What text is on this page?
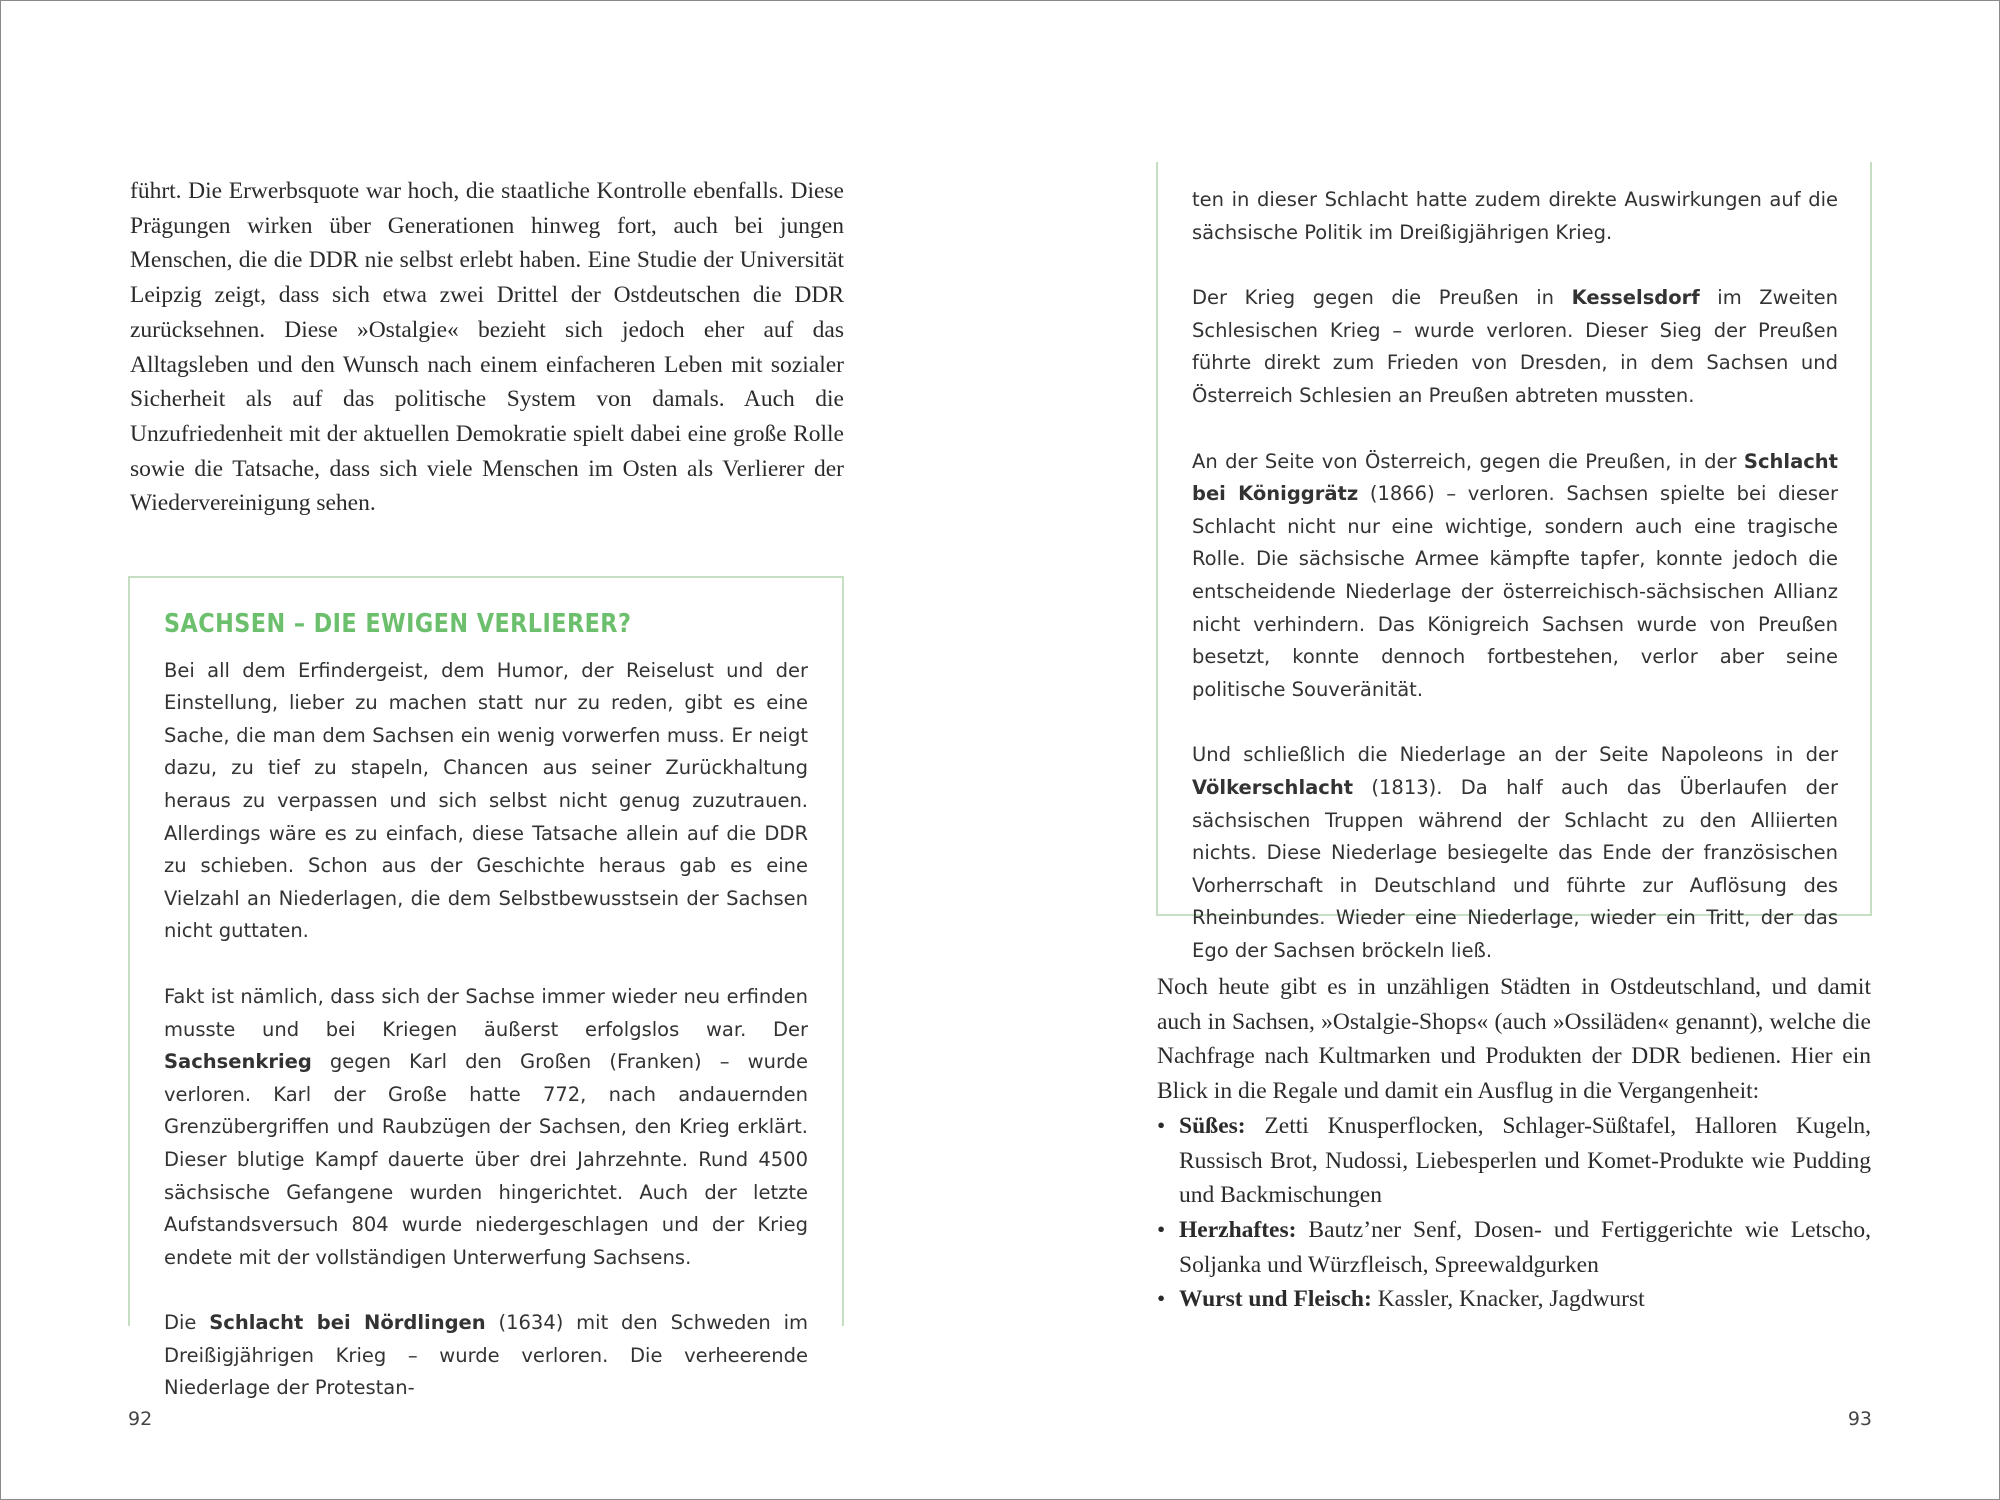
führt. Die Erwerbsquote war hoch, die staatliche Kontrolle ebenfalls. Diese Prägungen wirken über Generationen hinweg fort, auch bei jungen Menschen, die die DDR nie selbst erlebt haben. Eine Studie der Universität Leipzig zeigt, dass sich etwa zwei Drittel der Ostdeutschen die DDR zurücksehnen. Diese »Ostalgie« bezieht sich jedoch eher auf das Alltagsleben und den Wunsch nach einem einfacheren Leben mit sozialer Sicherheit als auf das politische System von damals. Auch die Unzufriedenheit mit der aktuellen Demokratie spielt dabei eine große Rolle sowie die Tatsache, dass sich viele Menschen im Osten als Verlierer der Wiedervereinigung sehen.

SACHSEN – DIE EWIGEN VERLIERER?

Bei all dem Erfindergeist, dem Humor, der Reiselust und der Einstellung, lieber zu machen statt nur zu reden, gibt es eine Sache, die man dem Sachsen ein wenig vorwerfen muss. Er neigt dazu, zu tief zu stapeln, Chancen aus seiner Zurückhaltung heraus zu verpassen und sich selbst nicht genug zuzutrauen. Allerdings wäre es zu einfach, diese Tatsache allein auf die DDR zu schieben. Schon aus der Geschichte heraus gab es eine Vielzahl an Niederlagen, die dem Selbstbewusstsein der Sachsen nicht guttaten.

Fakt ist nämlich, dass sich der Sachse immer wieder neu erfinden musste und bei Kriegen äußerst erfolgslos war. Der Sachsenkrieg gegen Karl den Großen (Franken) – wurde verloren. Karl der Große hatte 772, nach andauernden Grenzübergriffen und Raubzügen der Sachsen, den Krieg erklärt. Dieser blutige Kampf dauerte über drei Jahrzehnte. Rund 4500 sächsische Gefangene wurden hingerichtet. Auch der letzte Aufstandsversuch 804 wurde niedergeschlagen und der Krieg endete mit der vollständigen Unterwerfung Sachsens.

Die Schlacht bei Nördlingen (1634) mit den Schweden im Dreißigjährigen Krieg – wurde verloren. Die verheerende Niederlage der Protestan-

92

ten in dieser Schlacht hatte zudem direkte Auswirkungen auf die sächsische Politik im Dreißigjährigen Krieg.

Der Krieg gegen die Preußen in Kesselsdorf im Zweiten Schlesischen Krieg – wurde verloren. Dieser Sieg der Preußen führte direkt zum Frieden von Dresden, in dem Sachsen und Österreich Schlesien an Preußen abtreten mussten.

An der Seite von Österreich, gegen die Preußen, in der Schlacht bei Königgrätz (1866) – verloren. Sachsen spielte bei dieser Schlacht nicht nur eine wichtige, sondern auch eine tragische Rolle. Die sächsische Armee kämpfte tapfer, konnte jedoch die entscheidende Niederlage der österreichisch-sächsischen Allianz nicht verhindern. Das Königreich Sachsen wurde von Preußen besetzt, konnte dennoch fortbestehen, verlor aber seine politische Souveränität.

Und schließlich die Niederlage an der Seite Napoleons in der Völkerschlacht (1813). Da half auch das Überlaufen der sächsischen Truppen während der Schlacht zu den Alliierten nichts. Diese Niederlage besiegelte das Ende der französischen Vorherrschaft in Deutschland und führte zur Auflösung des Rheinbundes. Wieder eine Niederlage, wieder ein Tritt, der das Ego der Sachsen bröckeln ließ.

Noch heute gibt es in unzähligen Städten in Ostdeutschland, und damit auch in Sachsen, »Ostalgie-Shops« (auch »Ossiläden« genannt), welche die Nachfrage nach Kultmarken und Produkten der DDR bedienen. Hier ein Blick in die Regale und damit ein Ausflug in die Vergangenheit:

• Süßes: Zetti Knusperflocken, Schlager-Süßtafel, Halloren Kugeln, Russisch Brot, Nudossi, Liebesperlen und Komet-Produkte wie Pudding und Backmischungen
• Herzhaftes: Bautz’ner Senf, Dosen- und Fertiggerichte wie Letscho, Soljanka und Würzfleisch, Spreewaldgurken
• Wurst und Fleisch: Kassler, Knacker, Jagdwurst
93
